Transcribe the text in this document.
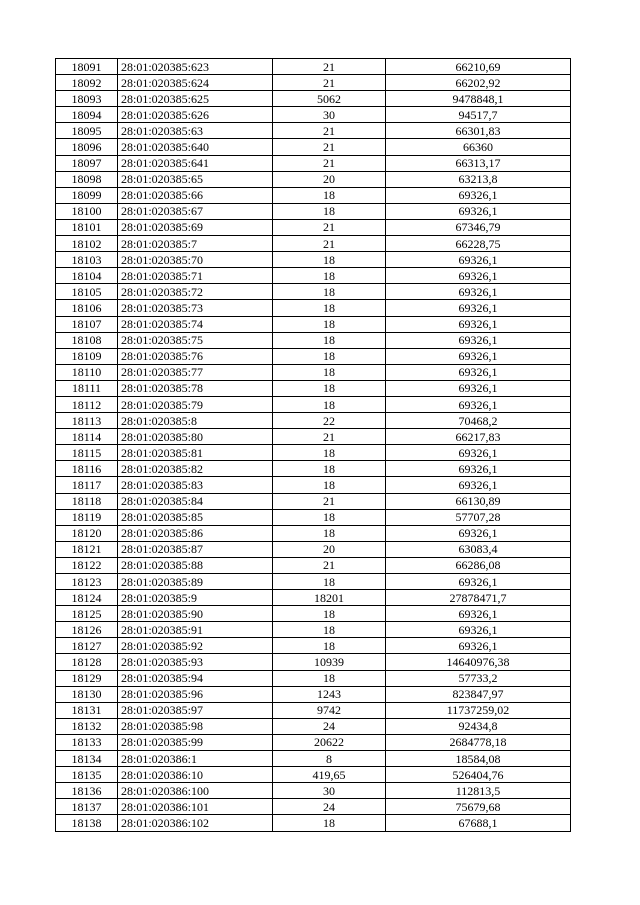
18091	28:01:020385:623	21	66210,69
18092	28:01:020385:624	21	66202,92
18093	28:01:020385:625	5062	9478848,1
18094	28:01:020385:626	30	94517,7
18095	28:01:020385:63	21	66301,83
18096	28:01:020385:640	21	66360
18097	28:01:020385:641	21	66313,17
18098	28:01:020385:65	20	63213,8
18099	28:01:020385:66	18	69326,1
18100	28:01:020385:67	18	69326,1
18101	28:01:020385:69	21	67346,79
18102	28:01:020385:7	21	66228,75
18103	28:01:020385:70	18	69326,1
18104	28:01:020385:71	18	69326,1
18105	28:01:020385:72	18	69326,1
18106	28:01:020385:73	18	69326,1
18107	28:01:020385:74	18	69326,1
18108	28:01:020385:75	18	69326,1
18109	28:01:020385:76	18	69326,1
18110	28:01:020385:77	18	69326,1
18111	28:01:020385:78	18	69326,1
18112	28:01:020385:79	18	69326,1
18113	28:01:020385:8	22	70468,2
18114	28:01:020385:80	21	66217,83
18115	28:01:020385:81	18	69326,1
18116	28:01:020385:82	18	69326,1
18117	28:01:020385:83	18	69326,1
18118	28:01:020385:84	21	66130,89
18119	28:01:020385:85	18	57707,28
18120	28:01:020385:86	18	69326,1
18121	28:01:020385:87	20	63083,4
18122	28:01:020385:88	21	66286,08
18123	28:01:020385:89	18	69326,1
18124	28:01:020385:9	18201	27878471,7
18125	28:01:020385:90	18	69326,1
18126	28:01:020385:91	18	69326,1
18127	28:01:020385:92	18	69326,1
18128	28:01:020385:93	10939	14640976,38
18129	28:01:020385:94	18	57733,2
18130	28:01:020385:96	1243	823847,97
18131	28:01:020385:97	9742	11737259,02
18132	28:01:020385:98	24	92434,8
18133	28:01:020385:99	20622	2684778,18
18134	28:01:020386:1	8	18584,08
18135	28:01:020386:10	419,65	526404,76
18136	28:01:020386:100	30	112813,5
18137	28:01:020386:101	24	75679,68
18138	28:01:020386:102	18	67688,1
